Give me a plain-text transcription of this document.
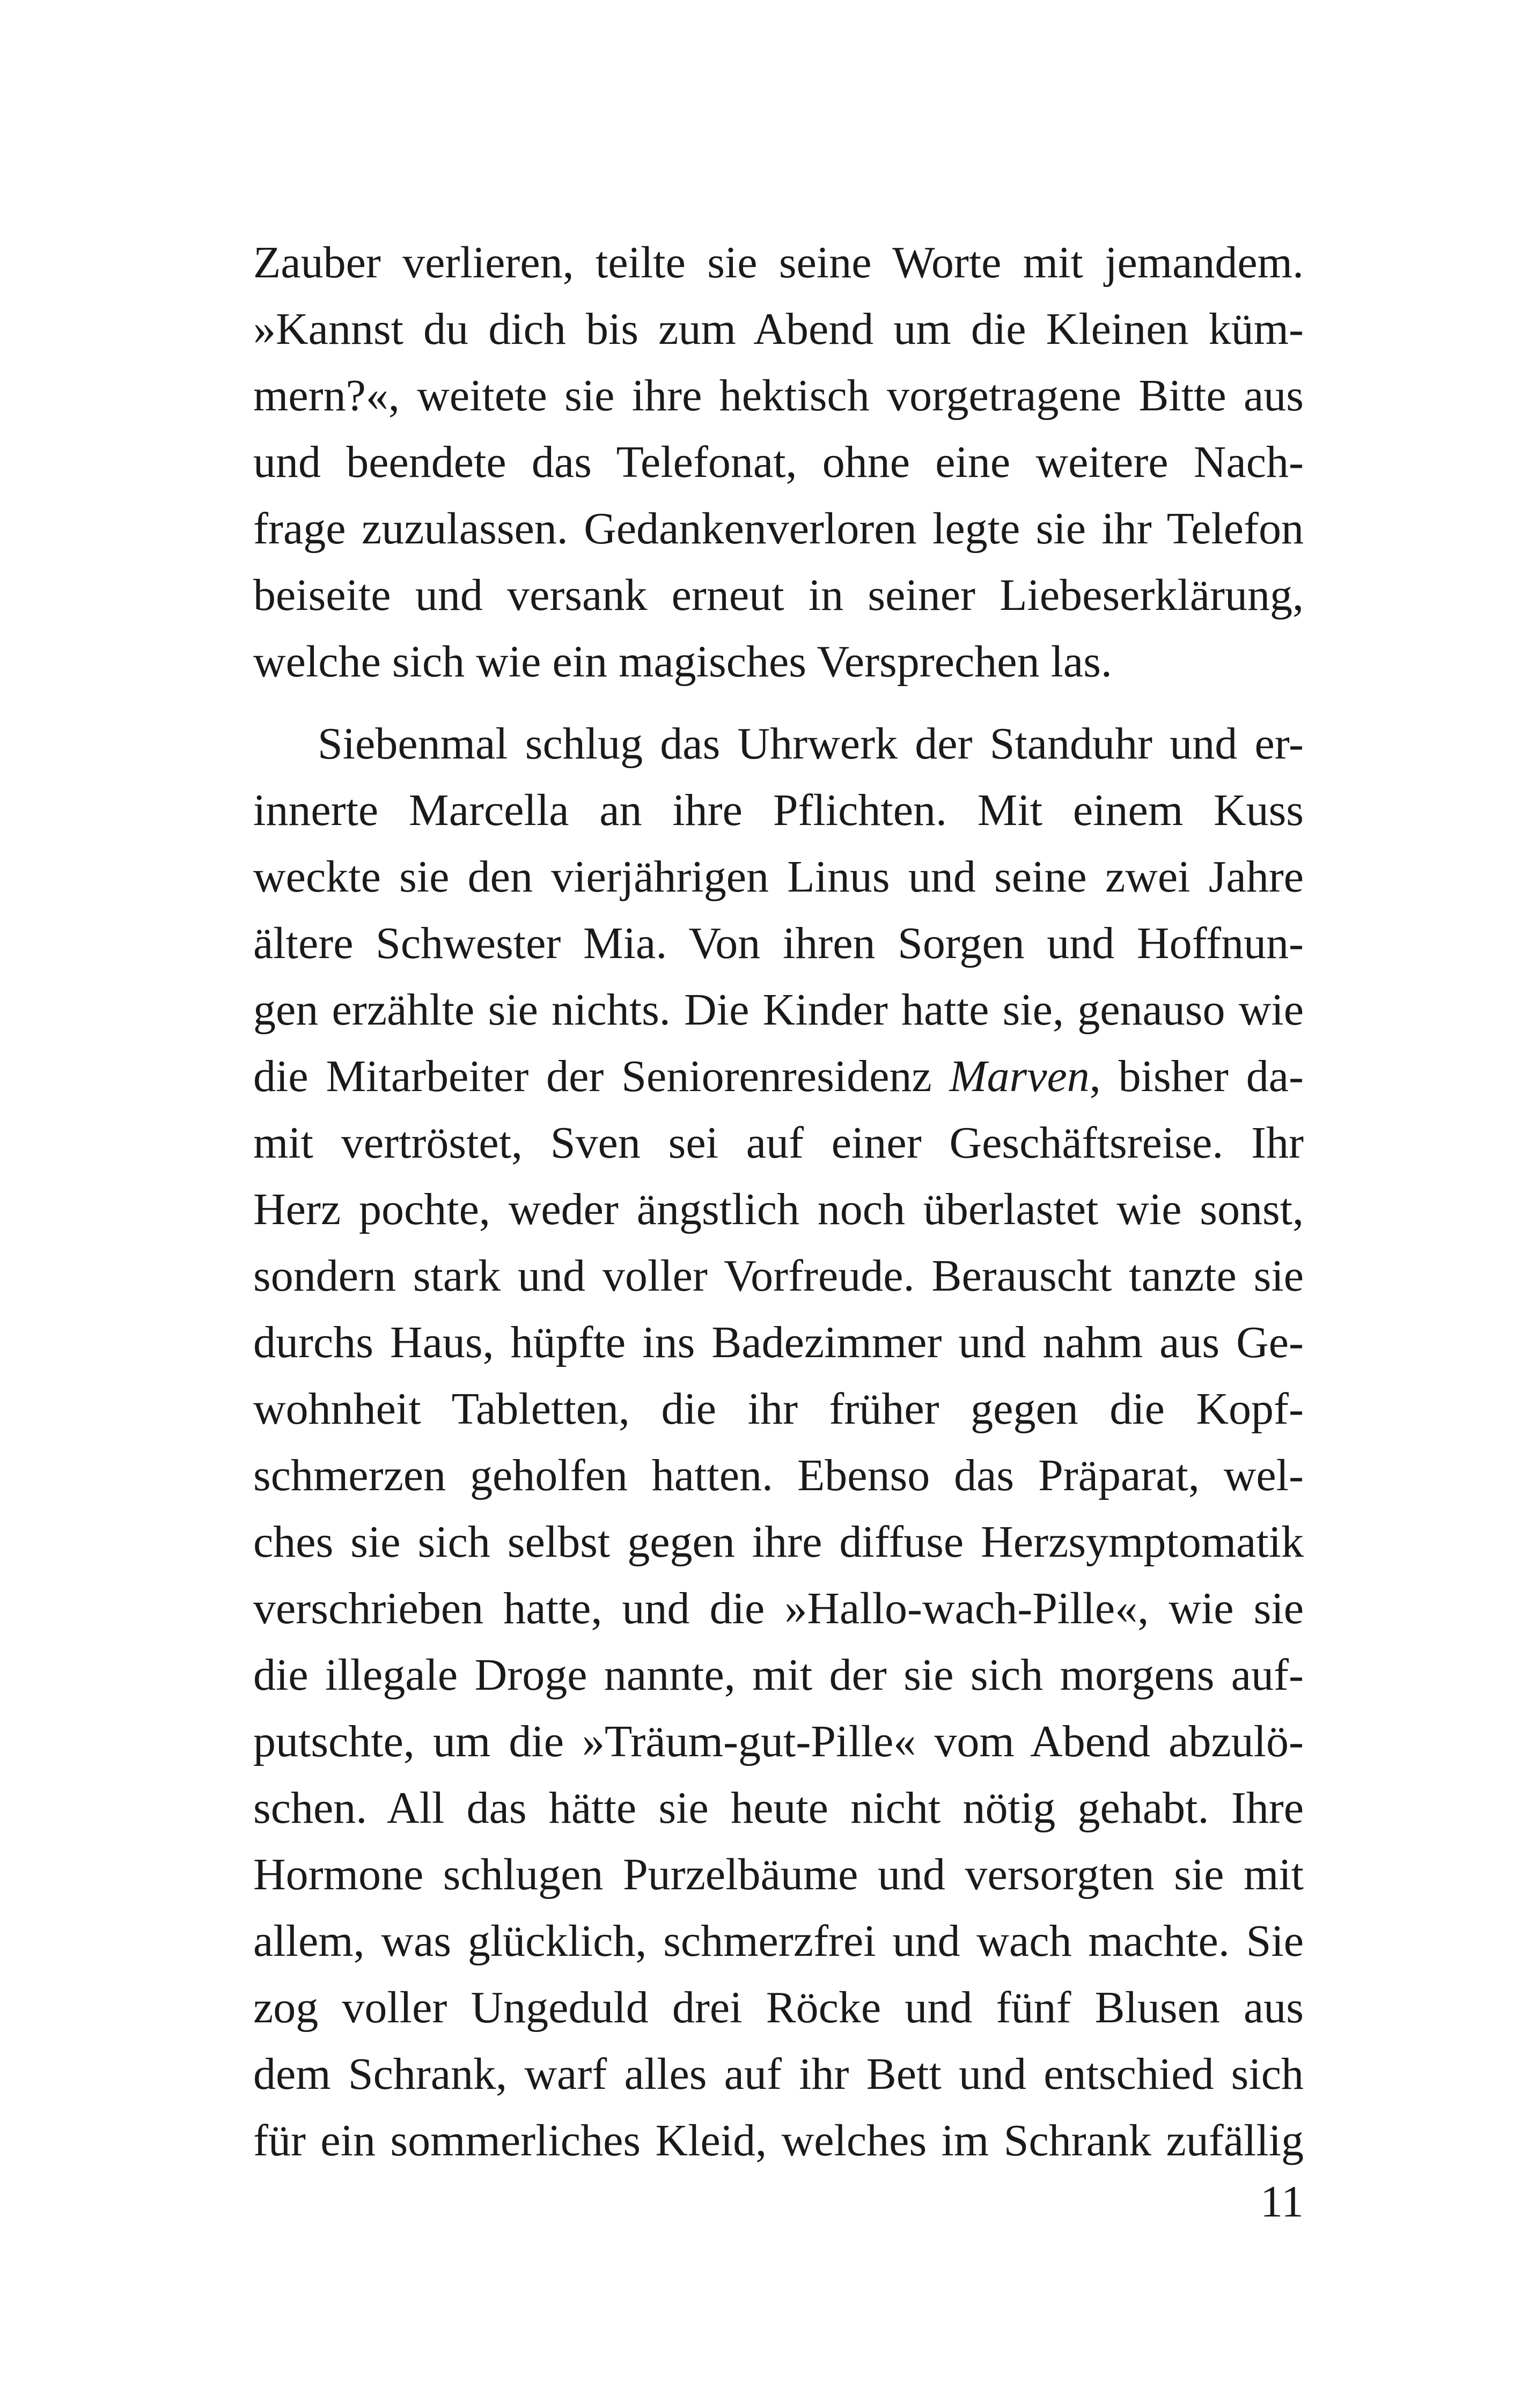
Zauber verlieren, teilte sie seine Worte mit jemandem.
»Kannst du dich bis zum Abend um die Kleinen küm-
mern?«, weitete sie ihre hektisch vorgetragene Bitte aus
und beendete das Telefonat, ohne eine weitere Nach-
frage zuzulassen. Gedankenverloren legte sie ihr Telefon
beiseite und versank erneut in seiner Liebeserklärung,
welche sich wie ein magisches Versprechen las.
Siebenmal schlug das Uhrwerk der Standuhr und er-
innerte Marcella an ihre Pflichten. Mit einem Kuss
weckte sie den vierjährigen Linus und seine zwei Jahre
ältere Schwester Mia. Von ihren Sorgen und Hoffnun-
gen erzählte sie nichts. Die Kinder hatte sie, genauso wie
die Mitarbeiter der Seniorenresidenz Marven, bisher da-
mit vertröstet, Sven sei auf einer Geschäftsreise. Ihr
Herz pochte, weder ängstlich noch überlastet wie sonst,
sondern stark und voller Vorfreude. Berauscht tanzte sie
durchs Haus, hüpfte ins Badezimmer und nahm aus Ge-
wohnheit Tabletten, die ihr früher gegen die Kopf-
schmerzen geholfen hatten. Ebenso das Präparat, wel-
ches sie sich selbst gegen ihre diffuse Herzsymptomatik
verschrieben hatte, und die »Hallo-wach-Pille«, wie sie
die illegale Droge nannte, mit der sie sich morgens auf-
putschte, um die »Träum-gut-Pille« vom Abend abzulö-
schen. All das hätte sie heute nicht nötig gehabt. Ihre
Hormone schlugen Purzelbäume und versorgten sie mit
allem, was glücklich, schmerzfrei und wach machte. Sie
zog voller Ungeduld drei Röcke und fünf Blusen aus
dem Schrank, warf alles auf ihr Bett und entschied sich
für ein sommerliches Kleid, welches im Schrank zufällig
11
